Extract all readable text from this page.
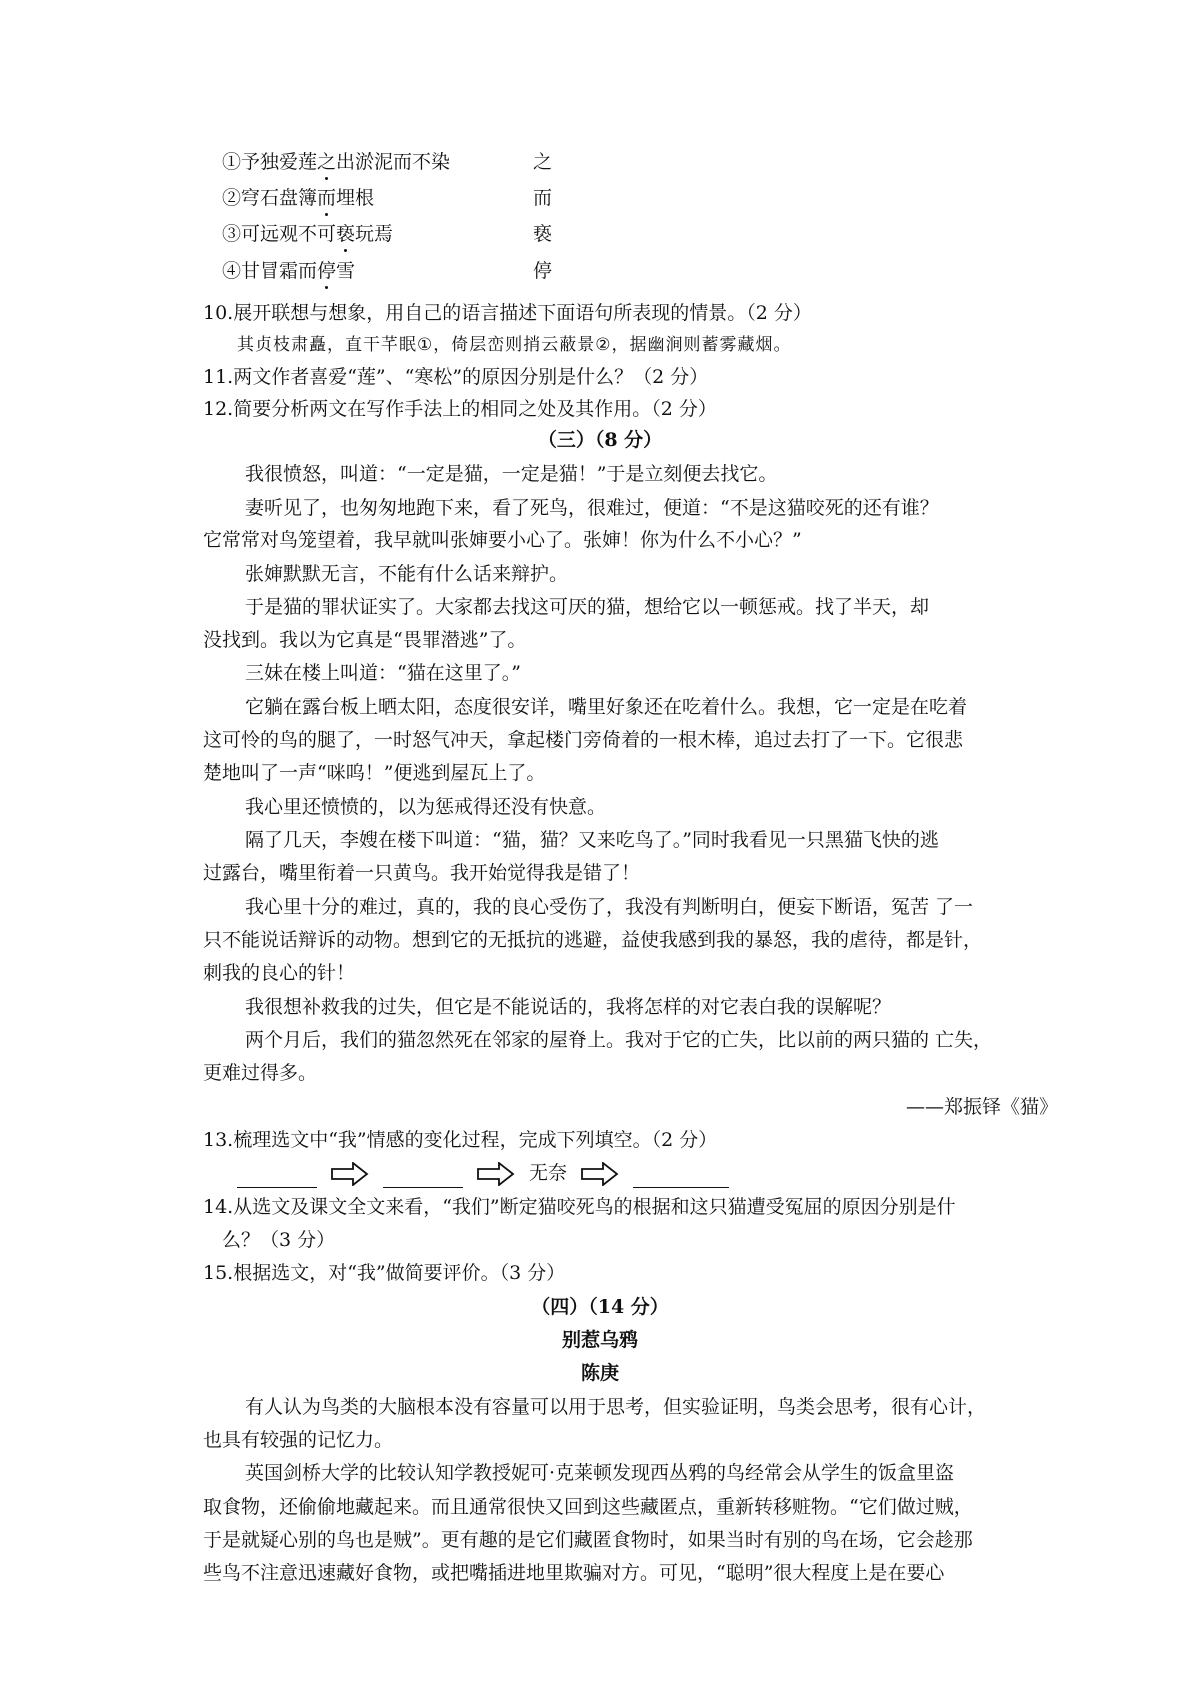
①予独爱莲之出淤泥而不染	之
②穹石盘簿而埋根	而
③可远观不可亵玩焉	亵
④甘冒霜而停雪	停
10.展开联想与想象，用自己的语言描述下面语句所表现的情景。（2 分）
其贞枝肃矗，直干芊眠①，倚层峦则捎云蔽景②，据幽涧则蓄雾藏烟。
11.两文作者喜爱“莲”、“寒松”的原因分别是什么？（2 分）
12.简要分析两文在写作手法上的相同之处及其作用。（2 分）
（三）（8 分）
我很愤怒，叫道：“一定是猫，一定是猫！”于是立刻便去找它。
妻听见了，也匆匆地跑下来，看了死鸟，很难过，便道：“不是这猫咬死的还有谁？
它常常对鸟笼望着，我早就叫张婶要小心了。张婶！你为什么不小心？”
张婶默默无言，不能有什么话来辩护。
于是猫的罪状证实了。大家都去找这可厌的猫，想给它以一顿惩戒。找了半天，却
没找到。我以为它真是“畏罪潜逃”了。
三妹在楼上叫道：“猫在这里了。”
它躺在露台板上晒太阳，态度很安详，嘴里好象还在吃着什么。我想，它一定是在吃着
这可怜的鸟的腿了，一时怒气冲天，拿起楼门旁倚着的一根木棒，追过去打了一下。它很悲
楚地叫了一声“咪呜！”便逃到屋瓦上了。
我心里还愤愤的，以为惩戒得还没有快意。
隔了几天，李嫂在楼下叫道：“猫，猫？又来吃鸟了。”同时我看见一只黑猫飞快的逃
过露台，嘴里衔着一只黄鸟。我开始觉得我是错了！
我心里十分的难过，真的，我的良心受伤了，我没有判断明白，便妄下断语，冤苦 了一
只不能说话辩诉的动物。想到它的无抵抗的逃避，益使我感到我的暴怒，我的虐待，都是针，
刺我的良心的针！
我很想补救我的过失，但它是不能说话的，我将怎样的对它表白我的误解呢？
两个月后，我们的猫忽然死在邻家的屋脊上。我对于它的亡失，比以前的两只猫的 亡失，
更难过得多。
——郑振铎《猫》
13.梳理选文中“我”情感的变化过程，完成下列填空。（2 分）
无奈
14.从选文及课文全文来看，“我们”断定猫咬死鸟的根据和这只猫遭受冤屈的原因分别是什
么？（3 分）
15.根据选文，对“我”做简要评价。（3 分）
（四）（14 分）
别惹乌鸦
陈庚
有人认为鸟类的大脑根本没有容量可以用于思考，但实验证明，鸟类会思考，很有心计，
也具有较强的记忆力。
英国剑桥大学的比较认知学教授妮可·克莱顿发现西丛鸦的鸟经常会从学生的饭盒里盗
取食物，还偷偷地藏起来。而且通常很快又回到这些藏匿点，重新转移赃物。“它们做过贼，
于是就疑心别的鸟也是贼”。更有趣的是它们藏匿食物时，如果当时有别的鸟在场，它会趁那
些鸟不注意迅速藏好食物，或把嘴插进地里欺骗对方。可见，“聪明”很大程度上是在要心
